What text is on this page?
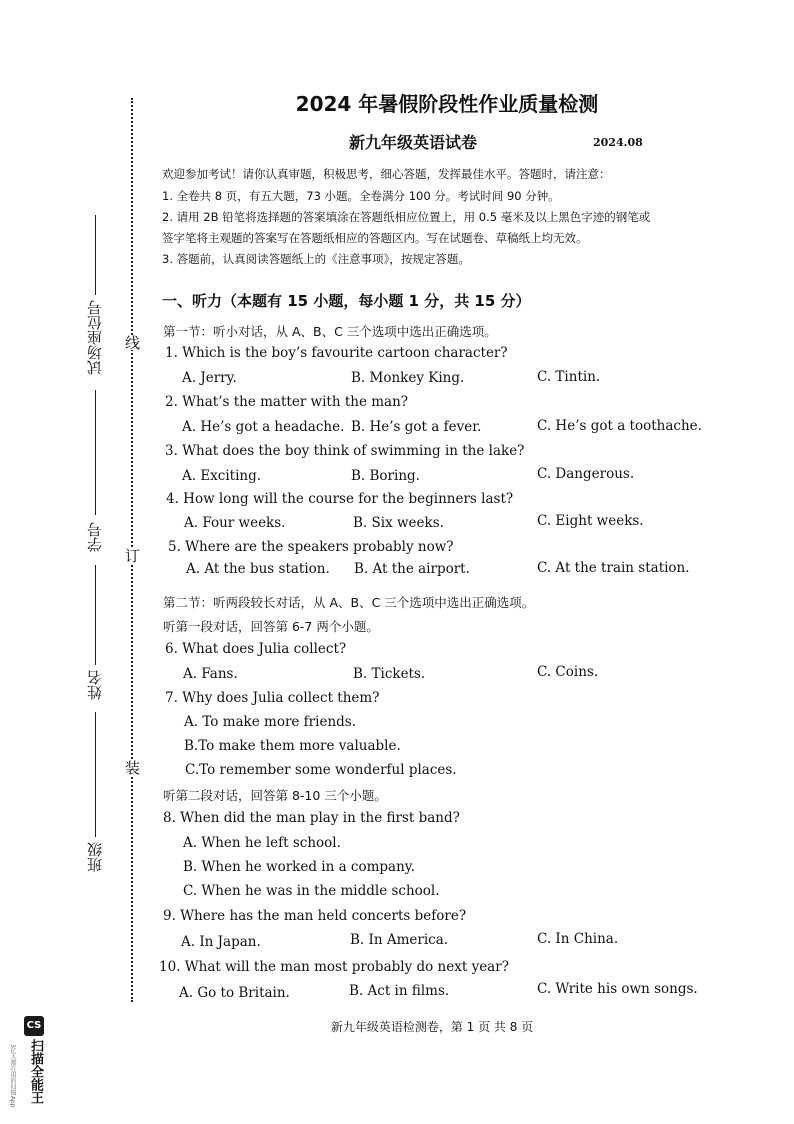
试场座位号
学号
姓名
班级
线
订
装
2024 年暑假阶段性作业质量检测
新九年级英语试卷	2024.08
欢迎参加考试！请你认真审题，积极思考，细心答题，发挥最佳水平。答题时，请注意：
1. 全卷共 8 页，有五大题，73 小题。全卷满分 100 分。考试时间 90 分钟。
2. 请用 2B 铅笔将选择题的答案填涂在答题纸相应位置上，用 0.5 毫米及以上黑色字迹的钢笔或
签字笔将主观题的答案写在答题纸相应的答题区内。写在试题卷、草稿纸上均无效。
3. 答题前，认真阅读答题纸上的《注意事项》，按规定答题。
一、听力（本题有 15 小题，每小题 1 分，共 15 分）
第一节：听小对话，从 A、B、C 三个选项中选出正确选项。
1. Which is the boy’s favourite cartoon character?
A. Jerry.	B. Monkey King.	C. Tintin.
2. What’s the matter with the man?
A. He’s got a headache. B. He’s got a fever.	C. He’s got a toothache.
3. What does the boy think of swimming in the lake?
A. Exciting.	B. Boring.	C. Dangerous.
4. How long will the course for the beginners last?
A. Four weeks.	B. Six weeks.	C. Eight weeks.
5. Where are the speakers probably now?
A. At the bus station. B. At the airport.	C. At the train station.
第二节：听两段较长对话，从 A、B、C 三个选项中选出正确选项。
听第一段对话，回答第 6-7 两个小题。
6. What does Julia collect?
A. Fans.	B. Tickets.	C. Coins.
7. Why does Julia collect them?
A. To make more friends.
B.To make them more valuable.
C.To remember some wonderful places.
听第二段对话，回答第 8-10 三个小题。
8. When did the man play in the first band?
A. When he left school.
B. When he worked in a company.
C. When he was in the middle school.
9. Where has the man held concerts before?
A. In Japan.	B. In America.	C. In China.
10. What will the man most probably do next year?
A. Go to Britain.	B. Act in films.	C. Write his own songs.
新九年级英语检测卷，第 1 页 共 8 页
CS
扫描全能王
3亿人都在用的扫描App
